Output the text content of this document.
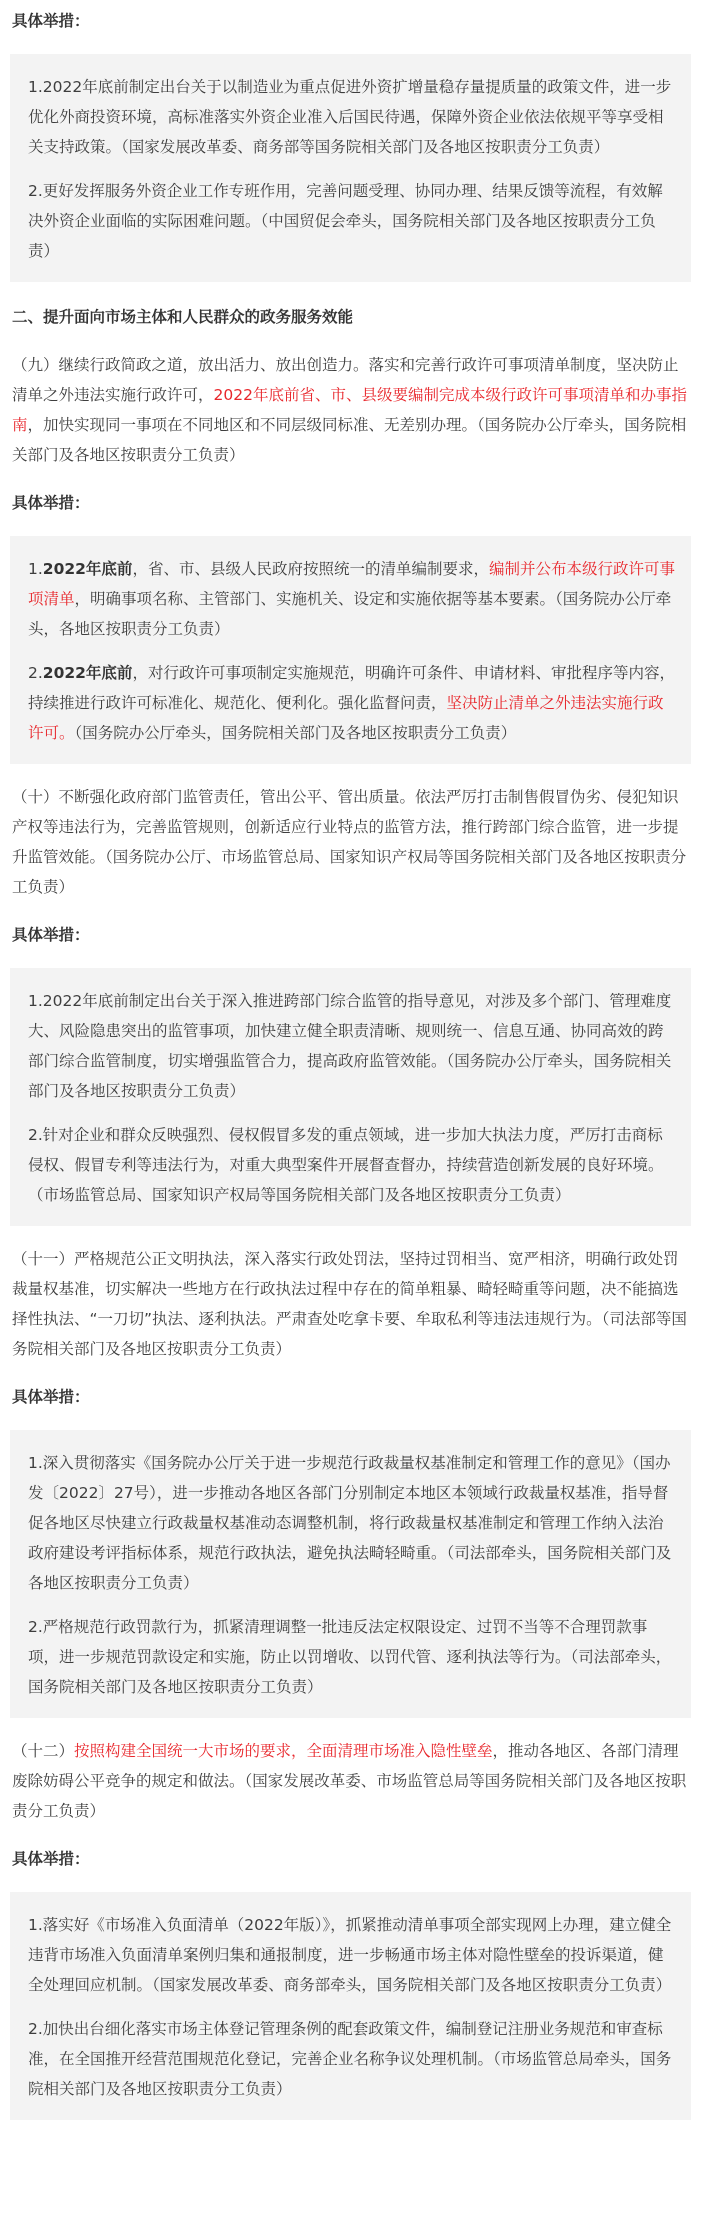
具体举措：

1.2022年底前制定出台关于以制造业为重点促进外资扩增量稳存量提质量的政策文件，进一步优化外商投资环境，高标准落实外资企业准入后国民待遇，保障外资企业依法依规平等享受相关支持政策。（国家发展改革委、商务部等国务院相关部门及各地区按职责分工负责）

2.更好发挥服务外资企业工作专班作用，完善问题受理、协同办理、结果反馈等流程，有效解决外资企业面临的实际困难问题。（中国贸促会牵头，国务院相关部门及各地区按职责分工负责）

二、提升面向市场主体和人民群众的政务服务效能

（九）继续行政简政之道，放出活力、放出创造力。落实和完善行政许可事项清单制度，坚决防止清单之外违法实施行政许可，2022年底前省、市、县级要编制完成本级行政许可事项清单和办事指南，加快实现同一事项在不同地区和不同层级同标准、无差别办理。（国务院办公厅牵头，国务院相关部门及各地区按职责分工负责）

具体举措：

1.2022年底前，省、市、县级人民政府按照统一的清单编制要求，编制并公布本级行政许可事项清单，明确事项名称、主管部门、实施机关、设定和实施依据等基本要素。（国务院办公厅牵头，各地区按职责分工负责）

2.2022年底前，对行政许可事项制定实施规范，明确许可条件、申请材料、审批程序等内容，持续推进行政许可标准化、规范化、便利化。强化监督问责，坚决防止清单之外违法实施行政许可。（国务院办公厅牵头，国务院相关部门及各地区按职责分工负责）

（十）不断强化政府部门监管责任，管出公平、管出质量。依法严厉打击制售假冒伪劣、侵犯知识产权等违法行为，完善监管规则，创新适应行业特点的监管方法，推行跨部门综合监管，进一步提升监管效能。（国务院办公厅、市场监管总局、国家知识产权局等国务院相关部门及各地区按职责分工负责）

具体举措：

1.2022年底前制定出台关于深入推进跨部门综合监管的指导意见，对涉及多个部门、管理难度大、风险隐患突出的监管事项，加快建立健全职责清晰、规则统一、信息互通、协同高效的跨部门综合监管制度，切实增强监管合力，提高政府监管效能。（国务院办公厅牵头，国务院相关部门及各地区按职责分工负责）

2.针对企业和群众反映强烈、侵权假冒多发的重点领域，进一步加大执法力度，严厉打击商标侵权、假冒专利等违法行为，对重大典型案件开展督查督办，持续营造创新发展的良好环境。（市场监管总局、国家知识产权局等国务院相关部门及各地区按职责分工负责）

（十一）严格规范公正文明执法，深入落实行政处罚法，坚持过罚相当、宽严相济，明确行政处罚裁量权基准，切实解决一些地方在行政执法过程中存在的简单粗暴、畸轻畸重等问题，决不能搞选择性执法、“一刀切”执法、逐利执法。严肃查处吃拿卡要、牟取私利等违法违规行为。（司法部等国务院相关部门及各地区按职责分工负责）

具体举措：

1.深入贯彻落实《国务院办公厅关于进一步规范行政裁量权基准制定和管理工作的意见》（国办发〔2022〕27号），进一步推动各地区各部门分别制定本地区本领域行政裁量权基准，指导督促各地区尽快建立行政裁量权基准动态调整机制，将行政裁量权基准制定和管理工作纳入法治政府建设考评指标体系，规范行政执法，避免执法畸轻畸重。（司法部牵头，国务院相关部门及各地区按职责分工负责）

2.严格规范行政罚款行为，抓紧清理调整一批违反法定权限设定、过罚不当等不合理罚款事项，进一步规范罚款设定和实施，防止以罚增收、以罚代管、逐利执法等行为。（司法部牵头，国务院相关部门及各地区按职责分工负责）

（十二）按照构建全国统一大市场的要求，全面清理市场准入隐性壁垒，推动各地区、各部门清理废除妨碍公平竞争的规定和做法。（国家发展改革委、市场监管总局等国务院相关部门及各地区按职责分工负责）

具体举措：

1.落实好《市场准入负面清单（2022年版）》，抓紧推动清单事项全部实现网上办理，建立健全违背市场准入负面清单案例归集和通报制度，进一步畅通市场主体对隐性壁垒的投诉渠道，健全处理回应机制。（国家发展改革委、商务部牵头，国务院相关部门及各地区按职责分工负责）

2.加快出台细化落实市场主体登记管理条例的配套政策文件，编制登记注册业务规范和审查标准，在全国推开经营范围规范化登记，完善企业名称争议处理机制。（市场监管总局牵头，国务院相关部门及各地区按职责分工负责）
